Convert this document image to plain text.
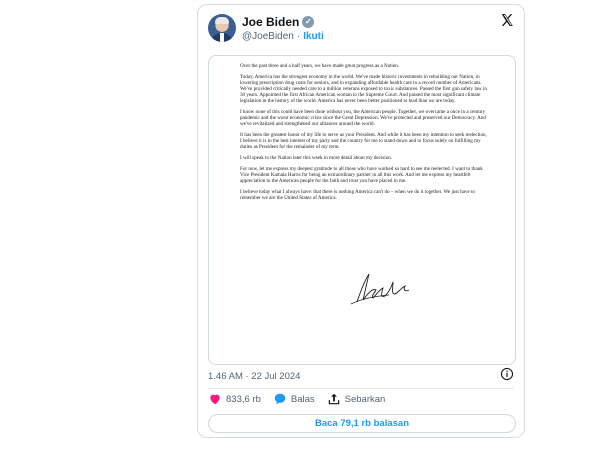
Joe Biden ✓
@JoeBiden · Ikuti

Over the past three and a half years, we have made great progress as a Nation.

Today, America has the strongest economy in the world. We've made historic investments in rebuilding our Nation, in lowering prescription drug costs for seniors, and in expanding affordable health care to a record number of Americans. We've provided critically needed care to a million veterans exposed to toxic substances. Passed the first gun safety law in 30 years. Appointed the first African American woman to the Supreme Court. And passed the most significant climate legislation in the history of the world. America has never been better positioned to lead than we are today.

I know none of this could have been done without you, the American people. Together, we overcame a once in a century pandemic and the worst economic crisis since the Great Depression. We've protected and preserved our Democracy. And we've revitalized and strengthened our alliances around the world.

It has been the greatest honor of my life to serve as your President. And while it has been my intention to seek reelection, I believe it is in the best interest of my party and the country for me to stand down and to focus solely on fulfilling my duties as President for the remainder of my term.

I will speak to the Nation later this week in more detail about my decision.

For now, let me express my deepest gratitude to all those who have worked so hard to see me reelected. I want to thank Vice President Kamala Harris for being an extraordinary partner in all this work. And let me express my heartfelt appreciation to the American people for the faith and trust you have placed in me.

I believe today what I always have: that there is nothing America can't do – when we do it together. We just have to remember we are the United States of America.

1.46 AM · 22 Jul 2024
833,6 rb	Balas	Sebarkan
Baca 79,1 rb balasan
